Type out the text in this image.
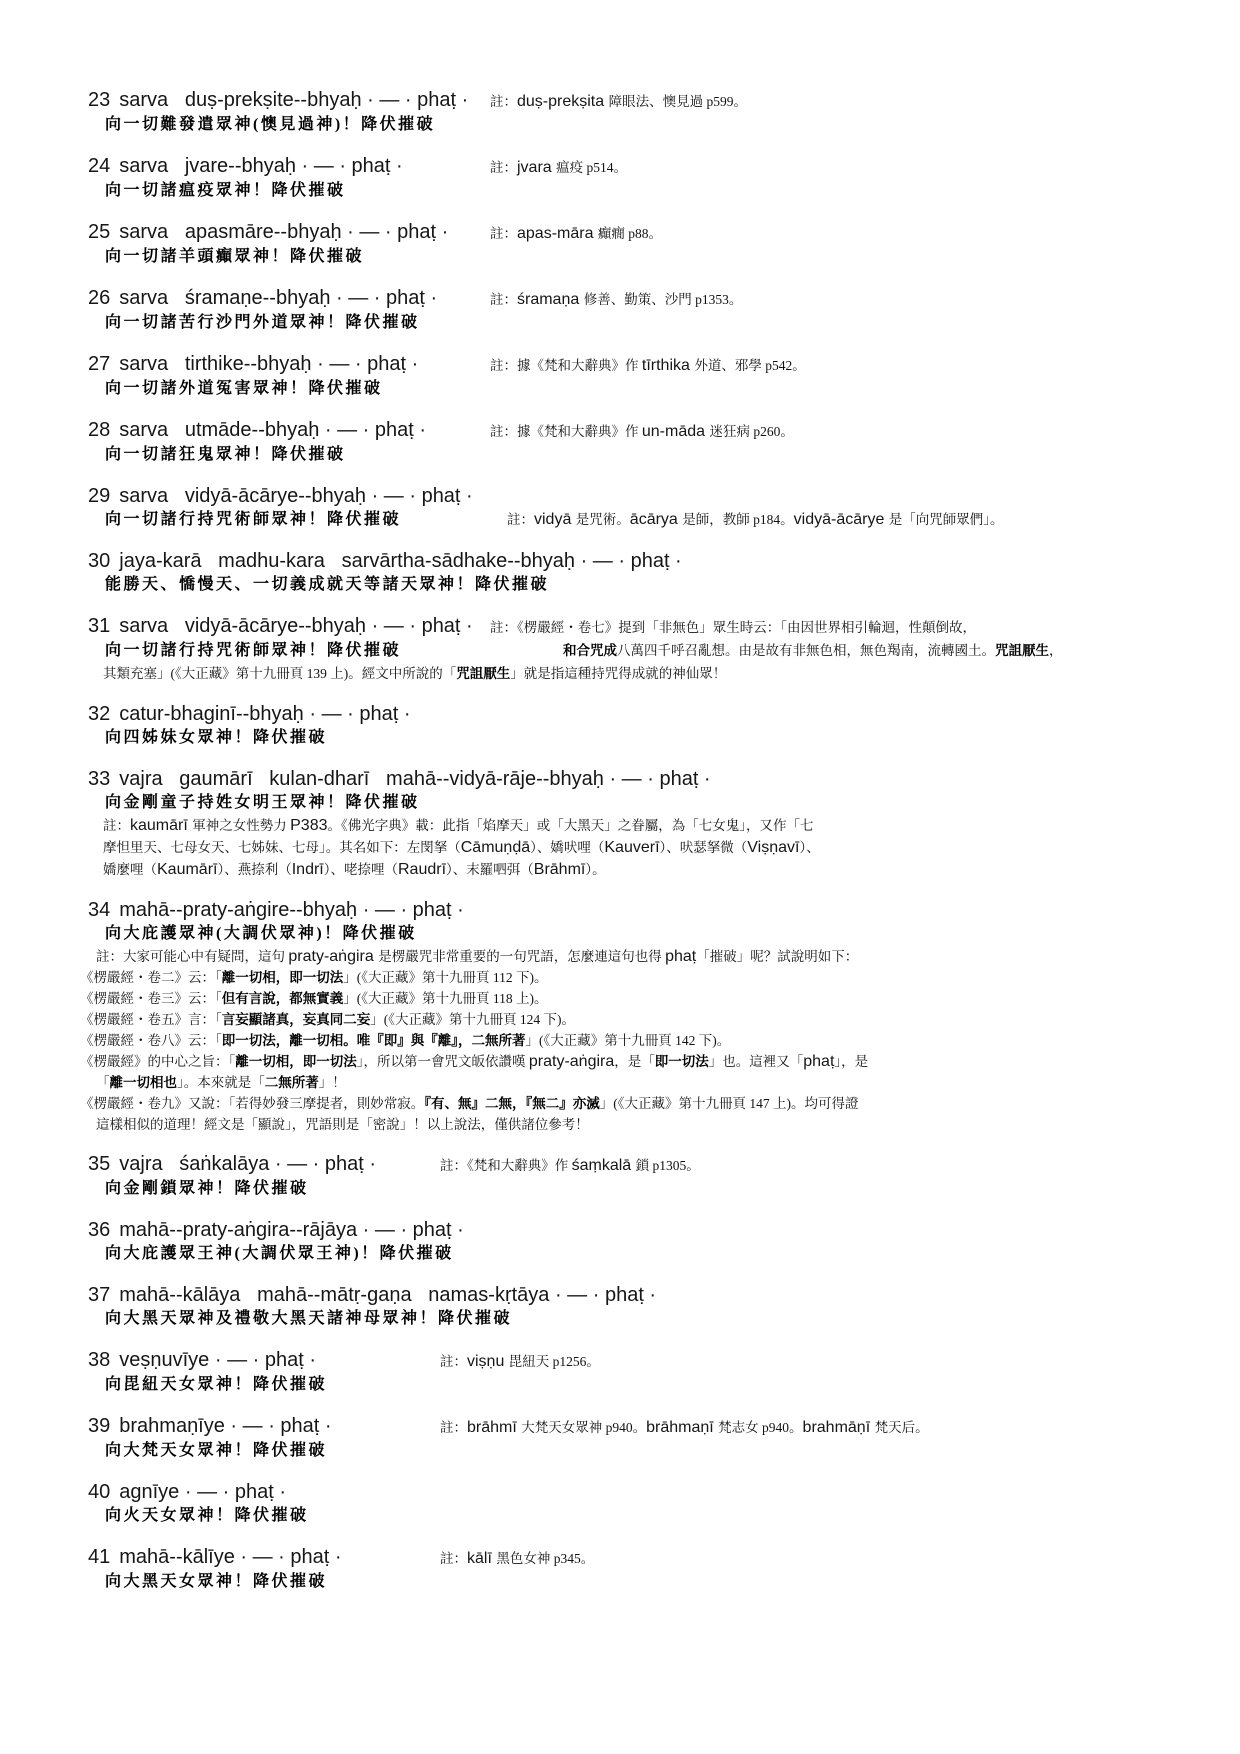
23 sarva   duṣ-prekṣite--bhyaḥ · — · phaṭ ·	註：duṣ-prekṣita 障眼法、懊見過 p599。
向一切難發遣眾神(懊見過神)！降伏摧破
24 sarva   jvare--bhyaḥ · — · phaṭ ·	註：jvara 瘟疫 p514。
向一切諸瘟疫眾神！降伏摧破
25 sarva   apasmāre--bhyaḥ · — · phaṭ ·	註：apas-māra 癲癇 p88。
向一切諸羊頭癲眾神！降伏摧破
26 sarva   śramaṇe--bhyaḥ · — · phaṭ ·	註：śramaṇa 修善、勤策、沙門 p1353。
向一切諸苦行沙門外道眾神！降伏摧破
27 sarva   tirthike--bhyaḥ · — · phaṭ ·	註：據《梵和大辭典》作 tīrthika 外道、邪學 p542。
向一切諸外道冤害眾神！降伏摧破
28 sarva   utmāde--bhyaḥ · — · phaṭ ·	註：據《梵和大辭典》作 un-māda 迷狂病 p260。
向一切諸狂鬼眾神！降伏摧破
29 sarva   vidyā-ācārye--bhyaḥ · — · phaṭ ·
向一切諸行持咒術師眾神！降伏摧破	註：vidyā 是咒術。ācārya 是師，教師 p184。vidyā-ācārye 是「向咒師眾們」。
30 jaya-karā   madhu-kara   sarvārtha-sādhake--bhyaḥ · — · phaṭ ·
能勝天、憍慢天、一切義成就天等諸天眾神！降伏摧破
31 sarva   vidyā-ācārye--bhyaḥ · — · phaṭ ·	註：《楞嚴經・卷七》提到「非無色」眾生時云：「由因世界相引輪迴，性顛倒故，
向一切諸行持咒術師眾神！降伏摧破	和合咒成八萬四千呼召亂想。由是故有非無色相，無色羯南，流轉國土。咒詛厭生，
其類充塞」(《大正藏》第十九冊頁 139 上)。經文中所說的「咒詛厭生」就是指這種持咒得成就的神仙眾！
32 catur-bhaginī--bhyaḥ · — · phaṭ ·
向四姊妹女眾神！降伏摧破
33 vajra   gaumārī   kulan-dharī   mahā--vidyā-rāje--bhyaḥ · — · phaṭ ·
向金剛童子持姓女明王眾神！降伏摧破
註：kaumārī 軍神之女性勢力 P383。《佛光字典》載：此指「焰摩天」或「大黑天」之眷屬，為「七女鬼」，又作「七
摩怛里天、七母女天、七姊妹、七母」。其名如下：左閔拏（Cāmuṇḍā）、嬌吠哩（Kauverī）、吠瑟拏微（Viṣṇavī）、
嬌麼哩（Kaumārī）、燕捺利（Indrī）、咾捺哩（Raudrī）、末羅呬弭（Brāhmī）。
34 mahā--praty-aṅgire--bhyaḥ · — · phaṭ ·
向大庇護眾神(大調伏眾神)！降伏摧破
註：大家可能心中有疑問，這句 praty-aṅgira 是楞嚴咒非常重要的一句咒語，怎麼連這句也得 phaṭ「摧破」呢？試說明如下：
《楞嚴經・卷二》云：「離一切相，即一切法」(《大正藏》第十九冊頁 112 下)。
《楞嚴經・卷三》云：「但有言說，都無實義」(《大正藏》第十九冊頁 118 上)。
《楞嚴經・卷五》言：「言妄顯諸真，妄真同二妄」(《大正藏》第十九冊頁 124 下)。
《楞嚴經・卷八》云：「即一切法，離一切相。唯『即』與『離』，二無所著」(《大正藏》第十九冊頁 142 下)。
《楞嚴經》的中心之旨：「離一切相，即一切法」，所以第一會咒文皈依讚嘆 praty-aṅgira，是「即一切法」也。這裡又「phaṭ」，是
「離一切相也」。本來就是「二無所著」！
《楞嚴經・卷九》又說：「若得妙發三摩提者，則妙常寂。『有、無』二無，『無二』亦滅」(《大正藏》第十九冊頁 147 上)。均可得證
這樣相似的道理！經文是「顯說」，咒語則是「密說」！以上說法，僅供諸位參考！
35 vajra   śaṅkalāya · — · phaṭ ·	註：《梵和大辭典》作 śaṃkalā 鎖 p1305。
向金剛鎖眾神！降伏摧破
36 mahā--praty-aṅgira--rājāya · — · phaṭ ·
向大庇護眾王神(大調伏眾王神)！降伏摧破
37 mahā--kālāya   mahā--mātṛ-gaṇa   namas-kṛtāya · — · phaṭ ·
向大黑天眾神及禮敬大黑天諸神母眾神！降伏摧破
38 veṣṇuvīye · — · phaṭ ·	註：viṣṇu 毘紐天 p1256。
向毘紐天女眾神！降伏摧破
39 brahmaṇīye · — · phaṭ ·	註：brāhmī 大梵天女眾神 p940。brāhmaṇī 梵志女 p940。brahmāṇī 梵天后。
向大梵天女眾神！降伏摧破
40 agnīye · — · phaṭ ·
向火天女眾神！降伏摧破
41 mahā--kālīye · — · phaṭ ·	註：kālī 黑色女神 p345。
向大黑天女眾神！降伏摧破
